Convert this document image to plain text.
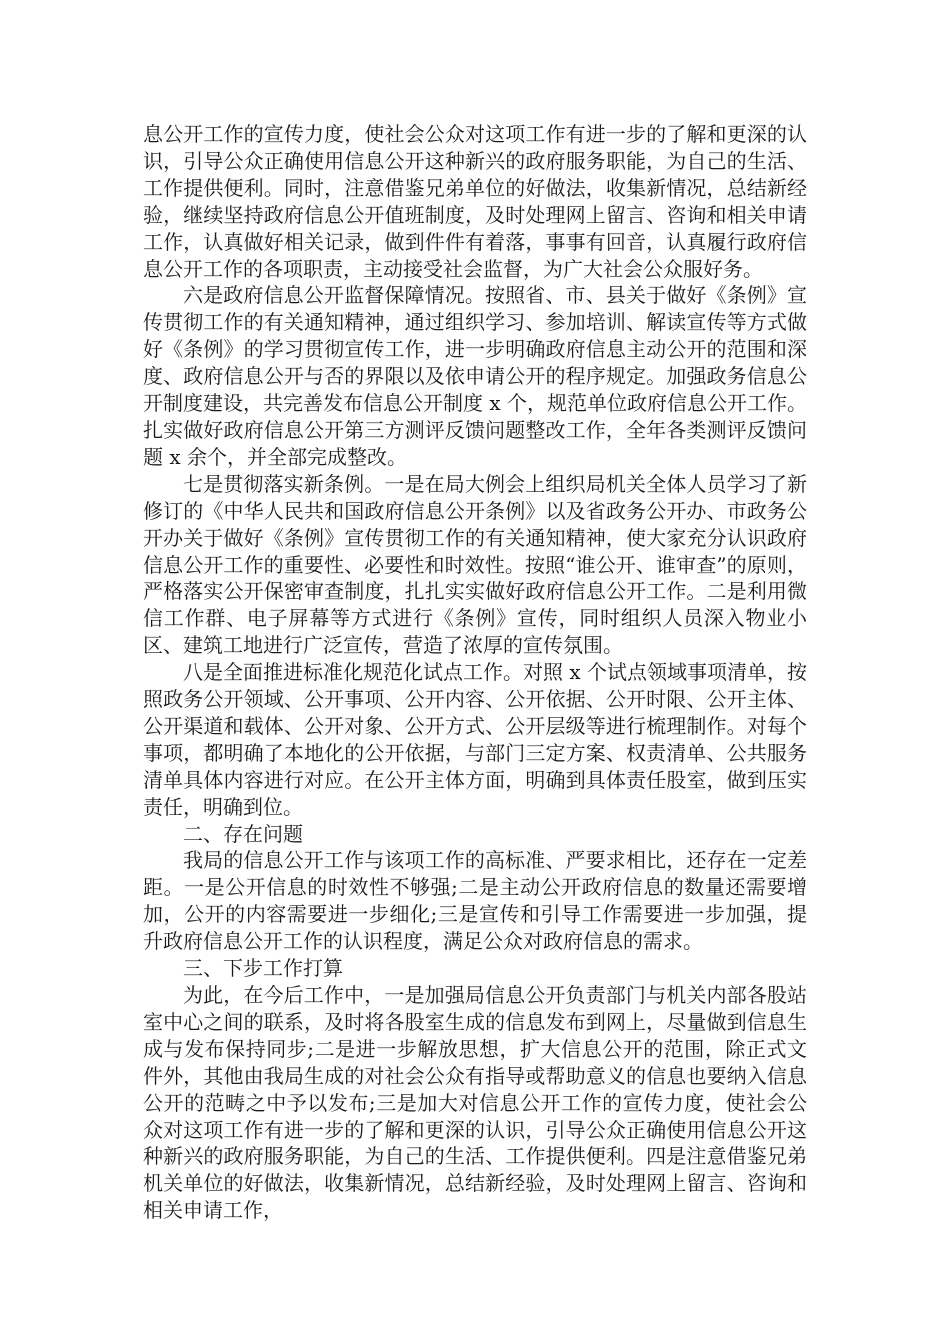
息公开工作的宣传力度，使社会公众对这项工作有进一步的了解和更深的认识，引导公众正确使用信息公开这种新兴的政府服务职能，为自己的生活、工作提供便利。同时，注意借鉴兄弟单位的好做法，收集新情况，总结新经验，继续坚持政府信息公开值班制度，及时处理网上留言、咨询和相关申请工作，认真做好相关记录，做到件件有着落，事事有回音，认真履行政府信息公开工作的各项职责，主动接受社会监督，为广大社会公众服好务。

六是政府信息公开监督保障情况。按照省、市、县关于做好《条例》宣传贯彻工作的有关通知精神，通过组织学习、参加培训、解读宣传等方式做好《条例》的学习贯彻宣传工作，进一步明确政府信息主动公开的范围和深度、政府信息公开与否的界限以及依申请公开的程序规定。加强政务信息公开制度建设，共完善发布信息公开制度 x 个，规范单位政府信息公开工作。扎实做好政府信息公开第三方测评反馈问题整改工作，全年各类测评反馈问题 x 余个，并全部完成整改。

七是贯彻落实新条例。一是在局大例会上组织局机关全体人员学习了新修订的《中华人民共和国政府信息公开条例》以及省政务公开办、市政务公开办关于做好《条例》宣传贯彻工作的有关通知精神，使大家充分认识政府信息公开工作的重要性、必要性和时效性。按照“谁公开、谁审查”的原则，严格落实公开保密审查制度，扎扎实实做好政府信息公开工作。二是利用微信工作群、电子屏幕等方式进行《条例》宣传，同时组织人员深入物业小区、建筑工地进行广泛宣传，营造了浓厚的宣传氛围。

八是全面推进标准化规范化试点工作。对照 x 个试点领域事项清单，按照政务公开领域、公开事项、公开内容、公开依据、公开时限、公开主体、公开渠道和载体、公开对象、公开方式、公开层级等进行梳理制作。对每个事项，都明确了本地化的公开依据，与部门三定方案、权责清单、公共服务清单具体内容进行对应。在公开主体方面，明确到具体责任股室，做到压实责任，明确到位。

二、存在问题

我局的信息公开工作与该项工作的高标准、严要求相比，还存在一定差距。一是公开信息的时效性不够强;二是主动公开政府信息的数量还需要增加，公开的内容需要进一步细化;三是宣传和引导工作需要进一步加强，提升政府信息公开工作的认识程度，满足公众对政府信息的需求。

三、下步工作打算

为此，在今后工作中，一是加强局信息公开负责部门与机关内部各股站室中心之间的联系，及时将各股室生成的信息发布到网上，尽量做到信息生成与发布保持同步;二是进一步解放思想，扩大信息公开的范围，除正式文件外，其他由我局生成的对社会公众有指导或帮助意义的信息也要纳入信息公开的范畴之中予以发布;三是加大对信息公开工作的宣传力度，使社会公众对这项工作有进一步的了解和更深的认识，引导公众正确使用信息公开这种新兴的政府服务职能，为自己的生活、工作提供便利。四是注意借鉴兄弟机关单位的好做法，收集新情况，总结新经验，及时处理网上留言、咨询和相关申请工作，
